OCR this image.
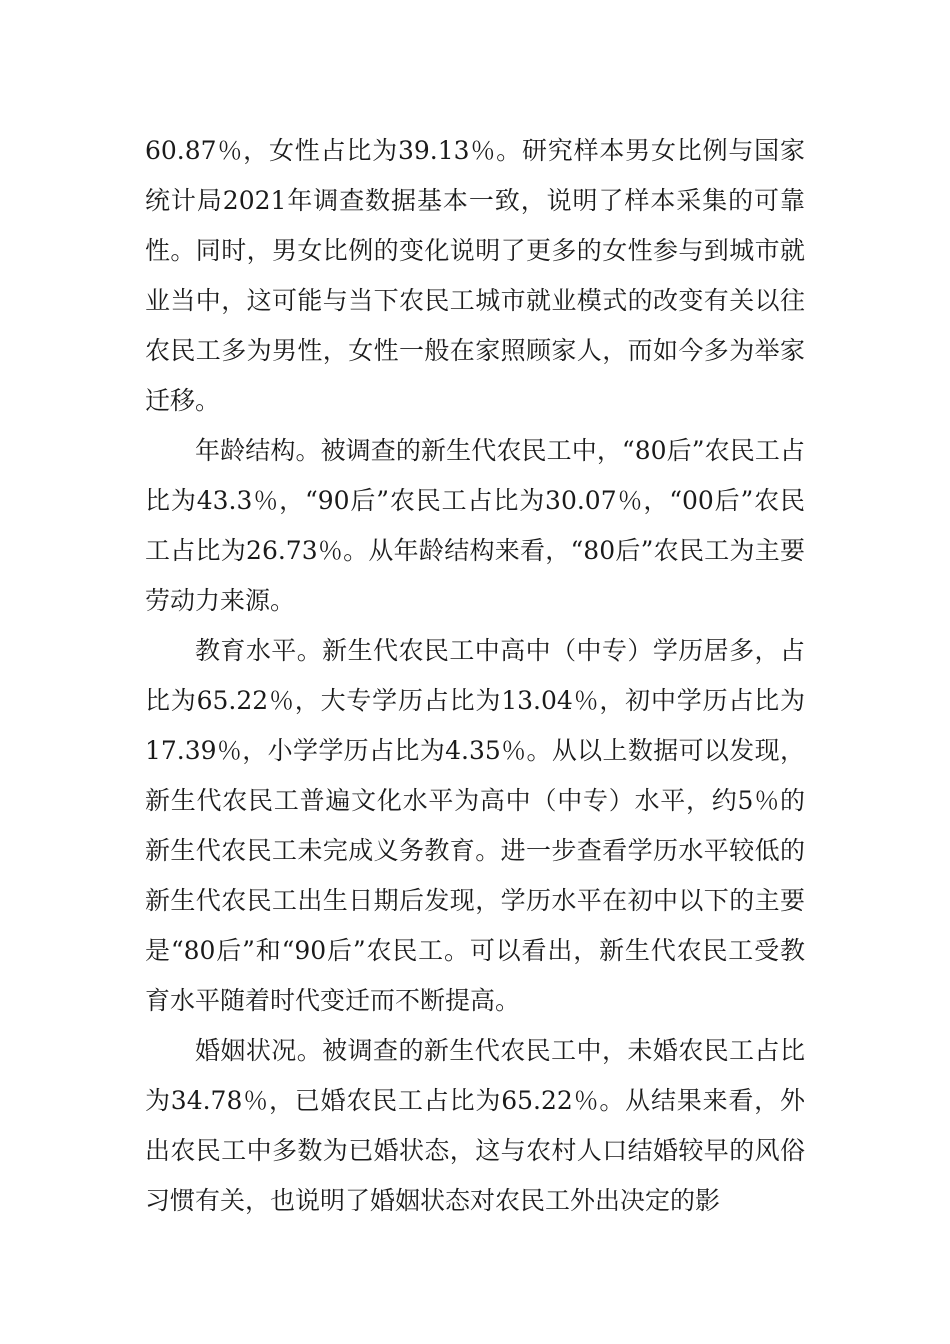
60.87％，女性占比为39.13％。研究样本男女比例与国家统计局2021年调查数据基本一致，说明了样本采集的可靠性。同时，男女比例的变化说明了更多的女性参与到城市就业当中，这可能与当下农民工城市就业模式的改变有关以往农民工多为男性，女性一般在家照顾家人，而如今多为举家迁移。

年龄结构。被调查的新生代农民工中，“80后”农民工占比为43.3％，“90后”农民工占比为30.07％，“00后”农民工占比为26.73％。从年龄结构来看，“80后”农民工为主要劳动力来源。

教育水平。新生代农民工中高中（中专）学历居多，占比为65.22％，大专学历占比为13.04％，初中学历占比为17.39％，小学学历占比为4.35％。从以上数据可以发现，新生代农民工普遍文化水平为高中（中专）水平，约5％的新生代农民工未完成义务教育。进一步查看学历水平较低的新生代农民工出生日期后发现，学历水平在初中以下的主要是“80后”和“90后”农民工。可以看出，新生代农民工受教育水平随着时代变迁而不断提高。

婚姻状况。被调查的新生代农民工中，未婚农民工占比为34.78％，已婚农民工占比为65.22％。从结果来看，外出农民工中多数为已婚状态，这与农村人口结婚较早的风俗习惯有关，也说明了婚姻状态对农民工外出决定的影
